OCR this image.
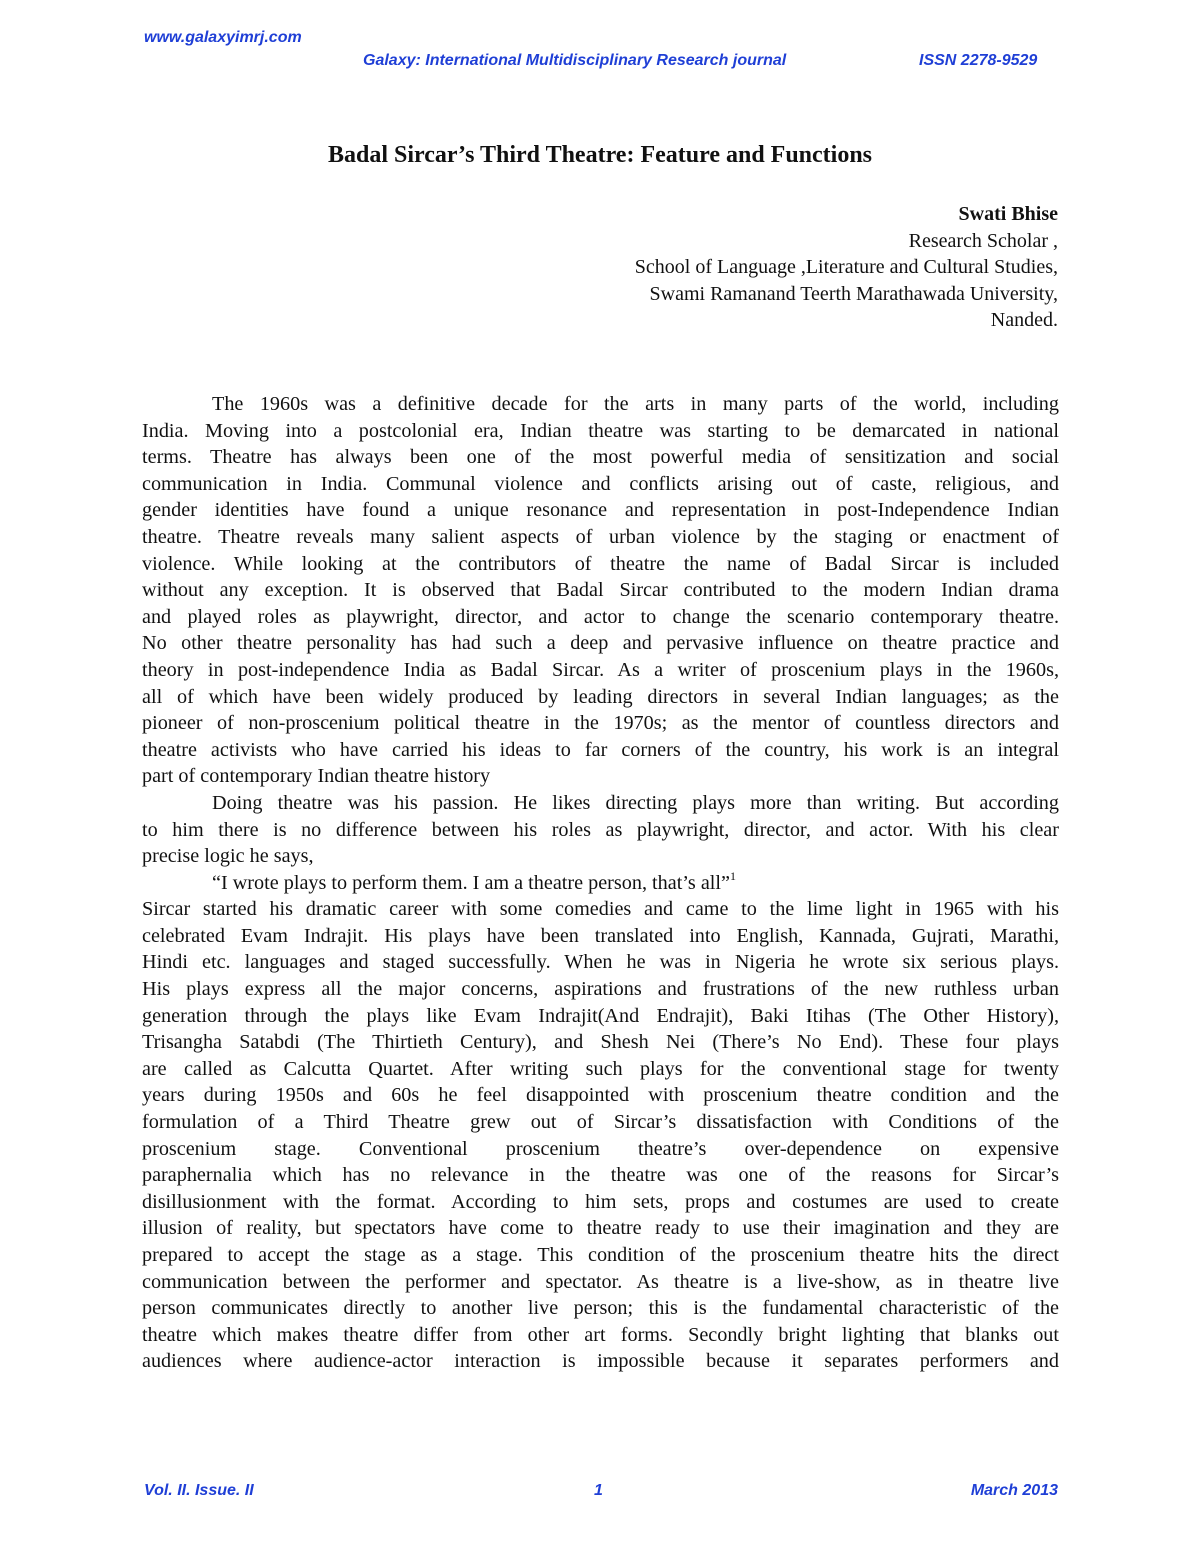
www.galaxyimrj.com
Galaxy: International Multidisciplinary Research journal	ISSN 2278-9529
Badal Sircar’s Third Theatre: Feature and Functions
Swati Bhise
Research Scholar ,
School of Language ,Literature and Cultural Studies,
Swami Ramanand Teerth Marathawada University,
Nanded.

The 1960s was a definitive decade for the arts in many parts of the world, including

India. Moving into a postcolonial era, Indian theatre was starting to be demarcated in national

terms. Theatre has always been one of the most powerful media of sensitization and social

communication in India. Communal violence and conflicts arising out of caste, religious, and

gender identities have found a unique resonance and representation in post-Independence Indian

theatre. Theatre reveals many salient aspects of urban violence by the staging or enactment of

violence. While looking at the contributors of theatre the name of Badal Sircar is included

without any exception. It is observed that Badal Sircar contributed to the modern Indian drama

and played roles as playwright, director, and actor to change the scenario contemporary theatre.

No other theatre personality has had such a deep and pervasive influence on theatre practice and

theory in post-independence India as Badal Sircar. As a writer of proscenium plays in the 1960s,

all of which have been widely produced by leading directors in several Indian languages; as the

pioneer of non-proscenium political theatre in the 1970s; as the mentor of countless directors and

theatre activists who have carried his ideas to far corners of the country, his work is an integral

part of contemporary Indian theatre history

Doing theatre was his passion. He likes directing plays more than writing. But according

to him there is no difference between his roles as playwright, director, and actor. With his clear

precise logic he says,

“I wrote plays to perform them. I am a theatre person, that’s all”$^1$

Sircar started his dramatic career with some comedies and came to the lime light in 1965 with his

celebrated Evam Indrajit. His plays have been translated into English, Kannada, Gujrati, Marathi,

Hindi etc. languages and staged successfully. When he was in Nigeria he wrote six serious plays.

His plays express all the major concerns, aspirations and frustrations of the new ruthless urban

generation through the plays like Evam Indrajit(And Endrajit), Baki Itihas (The Other History),

Trisangha Satabdi (The Thirtieth Century), and Shesh Nei (There’s No End). These four plays

are called as Calcutta Quartet. After writing such plays for the conventional stage for twenty

years during 1950s and 60s he feel disappointed with proscenium theatre condition and the

formulation of a Third Theatre grew out of Sircar’s dissatisfaction with Conditions of the

proscenium stage. Conventional proscenium theatre’s over-dependence on expensive

paraphernalia which has no relevance in the theatre was one of the reasons for Sircar’s

disillusionment with the format. According to him sets, props and costumes are used to create

illusion of reality, but spectators have come to theatre ready to use their imagination and they are

prepared to accept the stage as a stage. This condition of the proscenium theatre hits the direct

communication between the performer and spectator. As theatre is a live-show, as in theatre live

person communicates directly to another live person; this is the fundamental characteristic of the

theatre which makes theatre differ from other art forms. Secondly bright lighting that blanks out

audiences where audience-actor interaction is impossible because it separates performers and

Vol. II. Issue. II	1	March 2013
